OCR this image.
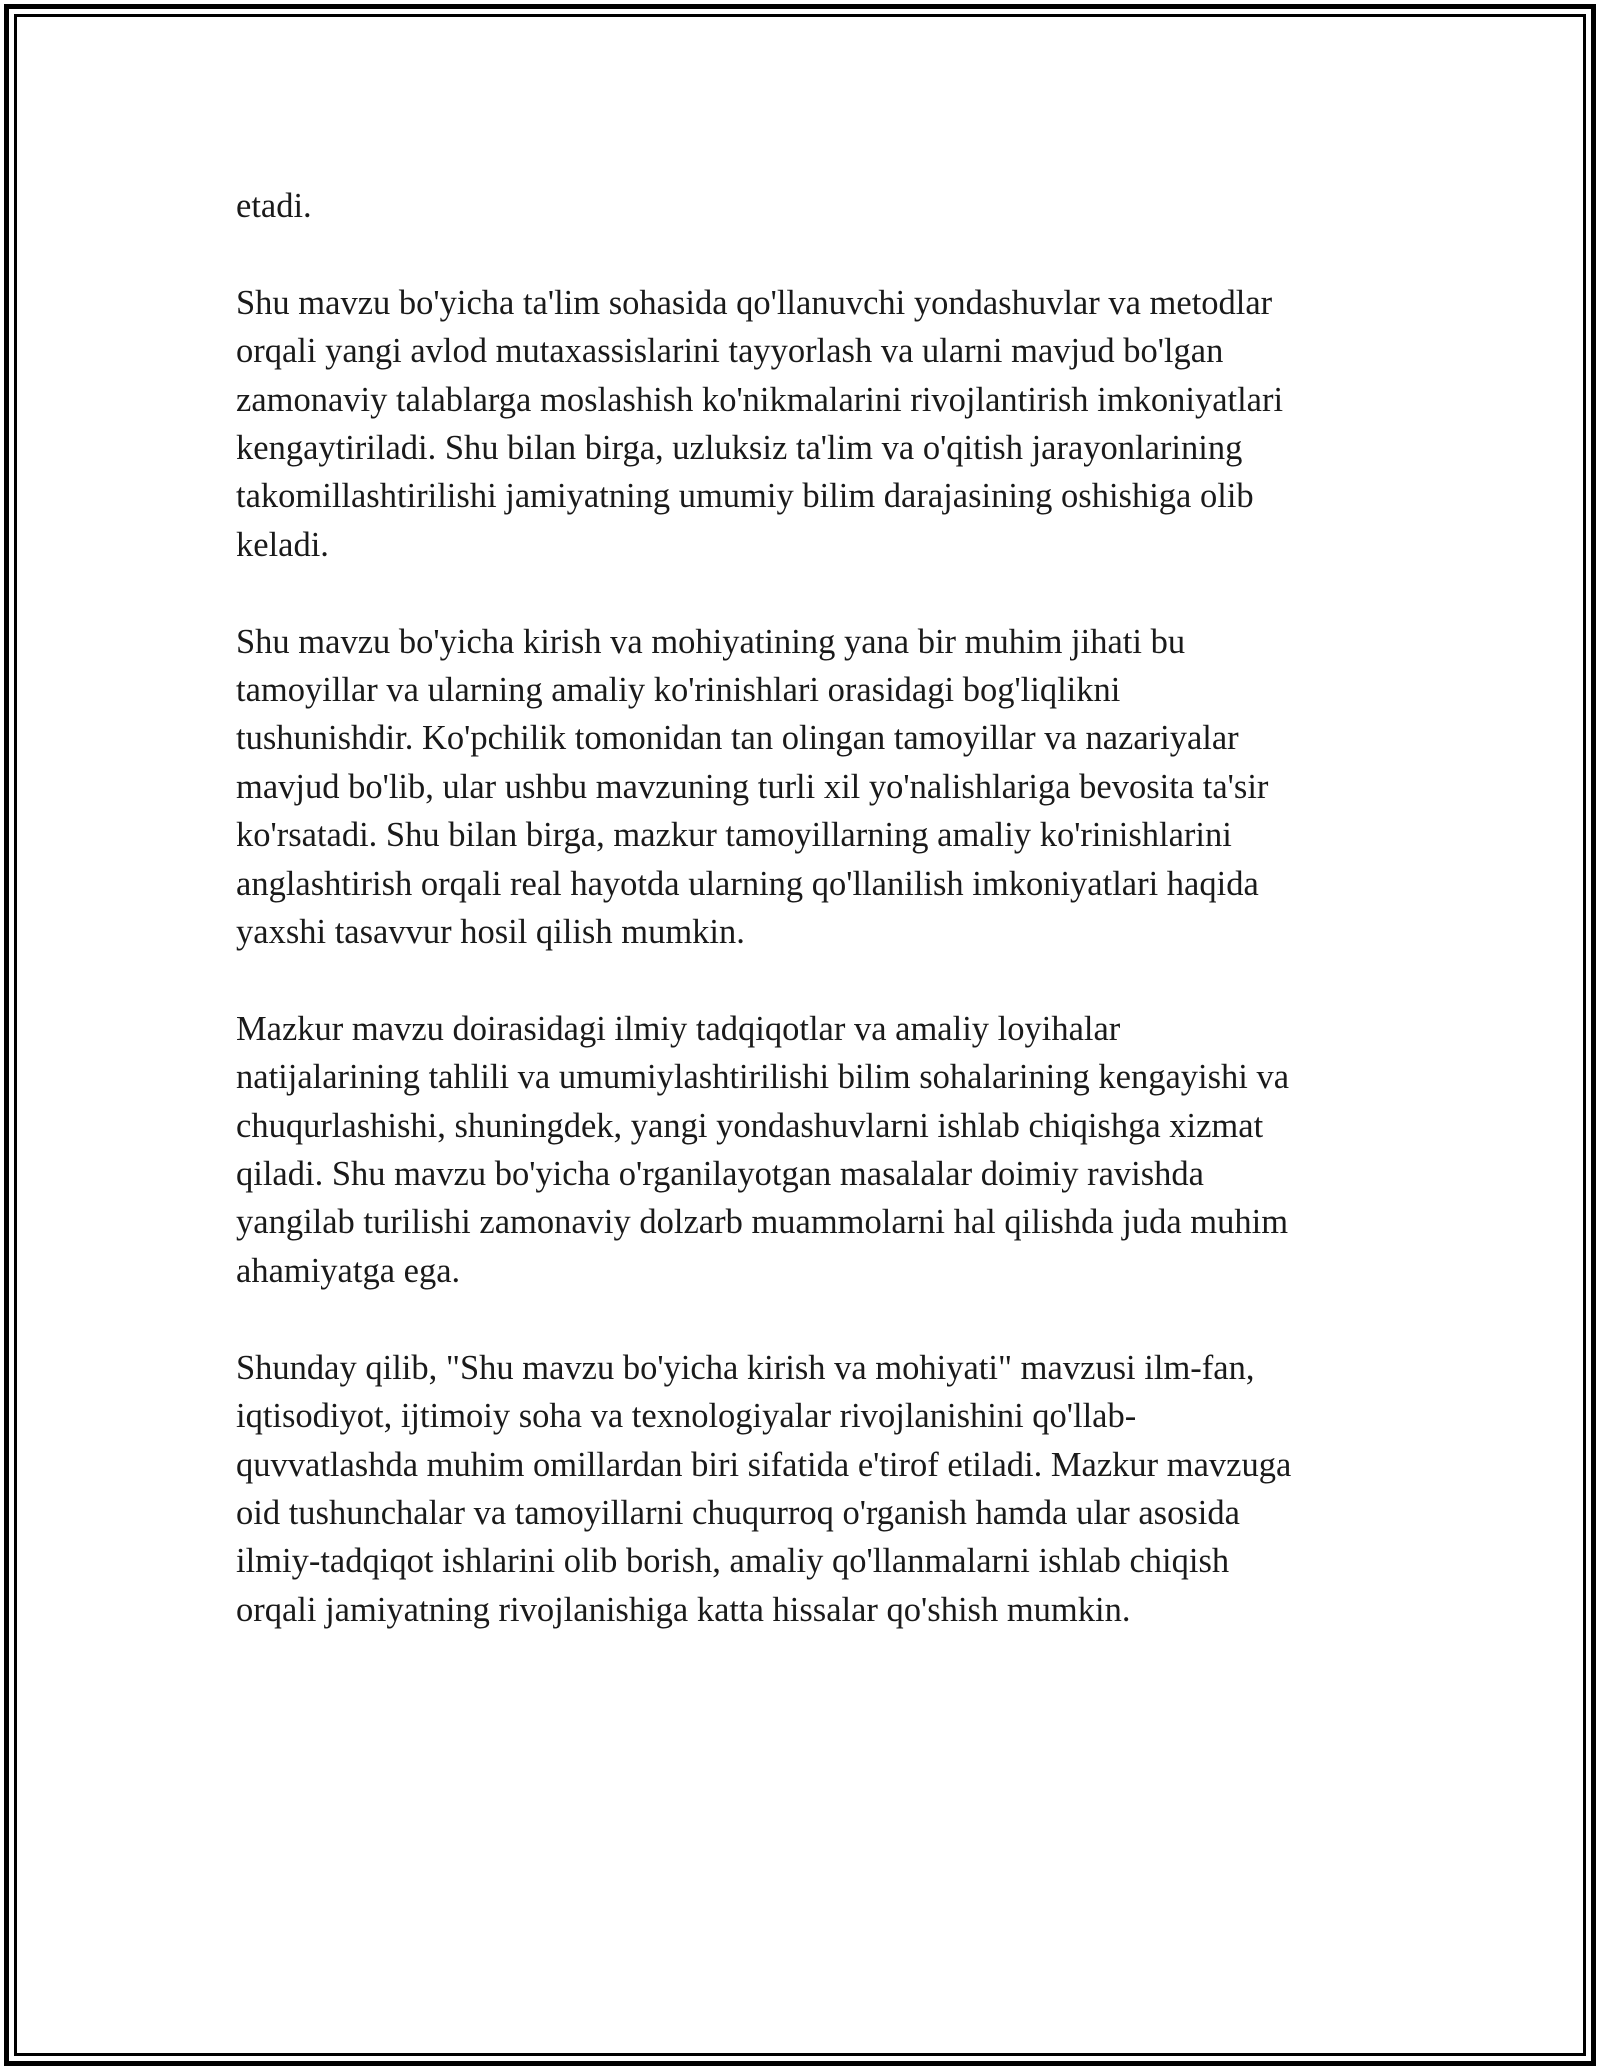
etadi.

Shu mavzu bo'yicha ta'lim sohasida qo'llanuvchi yondashuvlar va metodlar
orqali yangi avlod mutaxassislarini tayyorlash va ularni mavjud bo'lgan
zamonaviy talablarga moslashish ko'nikmalarini rivojlantirish imkoniyatlari
kengaytiriladi. Shu bilan birga, uzluksiz ta'lim va o'qitish jarayonlarining
takomillashtirilishi jamiyatning umumiy bilim darajasining oshishiga olib
keladi.

Shu mavzu bo'yicha kirish va mohiyatining yana bir muhim jihati bu
tamoyillar va ularning amaliy ko'rinishlari orasidagi bog'liqlikni
tushunishdir. Ko'pchilik tomonidan tan olingan tamoyillar va nazariyalar
mavjud bo'lib, ular ushbu mavzuning turli xil yo'nalishlariga bevosita ta'sir
ko'rsatadi. Shu bilan birga, mazkur tamoyillarning amaliy ko'rinishlarini
anglashtirish orqali real hayotda ularning qo'llanilish imkoniyatlari haqida
yaxshi tasavvur hosil qilish mumkin.

Mazkur mavzu doirasidagi ilmiy tadqiqotlar va amaliy loyihalar
natijalarining tahlili va umumiylashtirilishi bilim sohalarining kengayishi va
chuqurlashishi, shuningdek, yangi yondashuvlarni ishlab chiqishga xizmat
qiladi. Shu mavzu bo'yicha o'rganilayotgan masalalar doimiy ravishda
yangilab turilishi zamonaviy dolzarb muammolarni hal qilishda juda muhim
ahamiyatga ega.

Shunday qilib, "Shu mavzu bo'yicha kirish va mohiyati" mavzusi ilm-fan,
iqtisodiyot, ijtimoiy soha va texnologiyalar rivojlanishini qo'llab-
quvvatlashda muhim omillardan biri sifatida e'tirof etiladi. Mazkur mavzuga
oid tushunchalar va tamoyillarni chuqurroq o'rganish hamda ular asosida
ilmiy-tadqiqot ishlarini olib borish, amaliy qo'llanmalarni ishlab chiqish
orqali jamiyatning rivojlanishiga katta hissalar qo'shish mumkin.
